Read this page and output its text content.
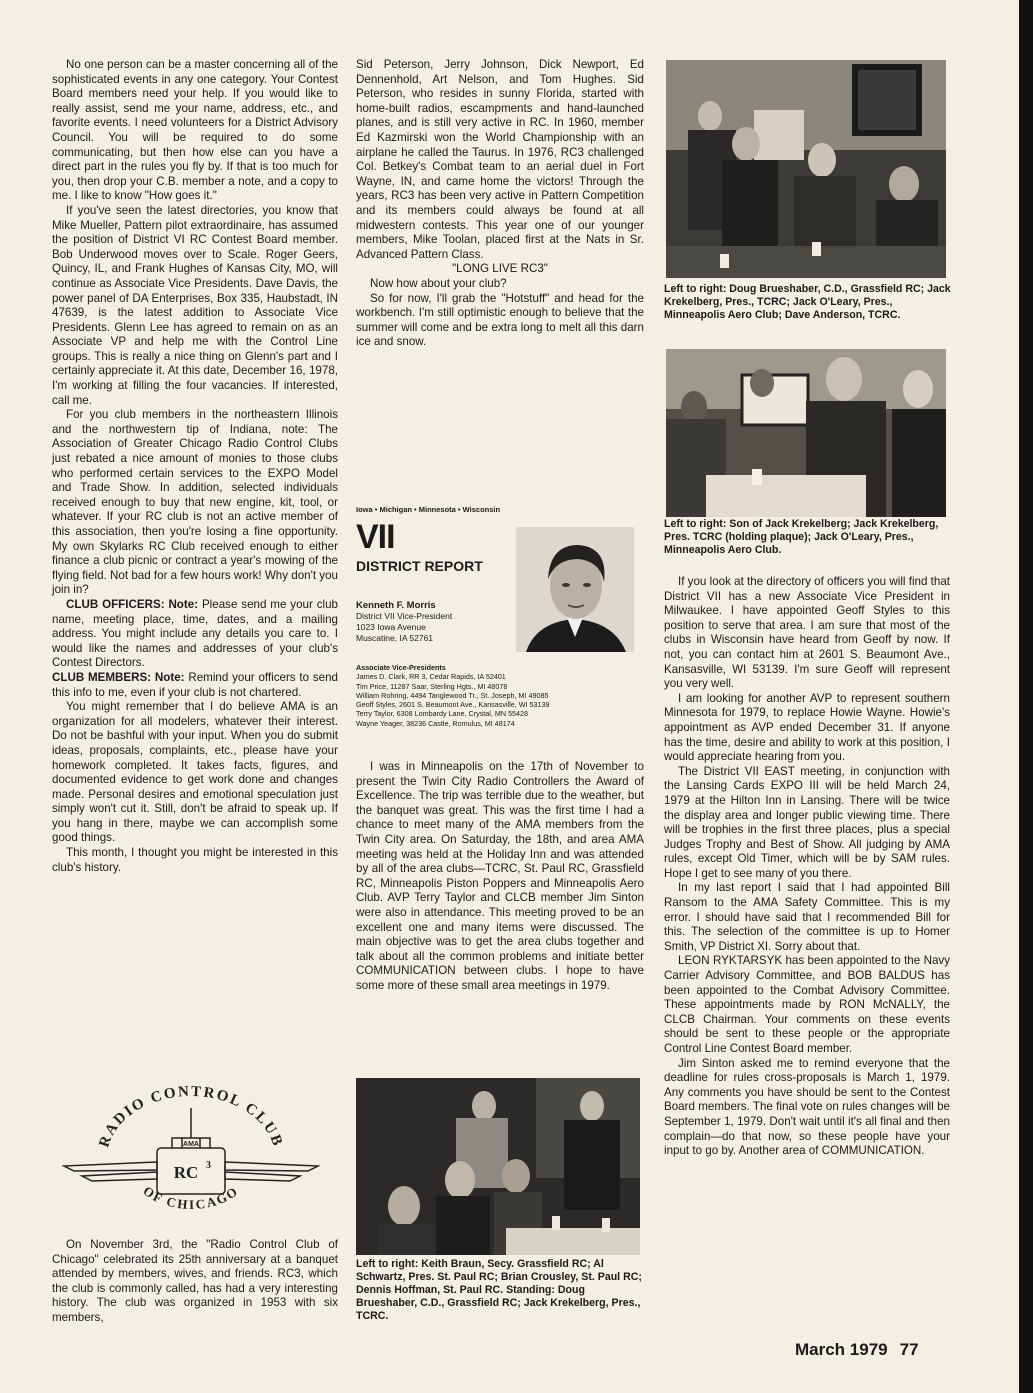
No one person can be a master concerning all of the sophisticated events in any one category. Your Contest Board members need your help. If you would like to really assist, send me your name, address, etc., and favorite events. I need volunteers for a District Advisory Council. You will be required to do some communicating, but then how else can you have a direct part in the rules you fly by. If that is too much for you, then drop your C.B. member a note, and a copy to me. I like to know "How goes it."

If you've seen the latest directories, you know that Mike Mueller, Pattern pilot extraordinaire, has assumed the position of District VI RC Contest Board member. Bob Underwood moves over to Scale. Roger Geers, Quincy, IL, and Frank Hughes of Kansas City, MO, will continue as Associate Vice Presidents. Dave Davis, the power panel of DA Enterprises, Box 335, Haubstadt, IN 47639, is the latest addition to Associate Vice Presidents. Glenn Lee has agreed to remain on as an Associate VP and help me with the Control Line groups. This is really a nice thing on Glenn's part and I certainly appreciate it. At this date, December 16, 1978, I'm working at filling the four vacancies. If interested, call me.

For you club members in the northeastern Illinois and the northwestern tip of Indiana, note: The Association of Greater Chicago Radio Control Clubs just rebated a nice amount of monies to those clubs who performed certain services to the EXPO Model and Trade Show. In addition, selected individuals received enough to buy that new engine, kit, tool, or whatever. If your RC club is not an active member of this association, then you're losing a fine opportunity. My own Skylarks RC Club received enough to either finance a club picnic or contract a year's mowing of the flying field. Not bad for a few hours work! Why don't you join in?

CLUB OFFICERS: Note: Please send me your club name, meeting place, time, dates, and a mailing address. You might include any details you care to. I would like the names and addresses of your club's Contest Directors.

CLUB MEMBERS: Note: Remind your officers to send this info to me, even if your club is not chartered.

You might remember that I do believe AMA is an organization for all modelers, whatever their interest. Do not be bashful with your input. When you do submit ideas, proposals, complaints, etc., please have your homework completed. It takes facts, figures, and documented evidence to get work done and changes made. Personal desires and emotional speculation just simply won't cut it. Still, don't be afraid to speak up. If you hang in there, maybe we can accomplish some good things.

This month, I thought you might be interested in this club's history.

RADIO CONTROL CLUB
OF CHICAGO
AMA
RC 3

On November 3rd, the "Radio Control Club of Chicago" celebrated its 25th anniversary at a banquet attended by members, wives, and friends. RC3, which the club is commonly called, has had a very interesting history. The club was organized in 1953 with six members,

Sid Peterson, Jerry Johnson, Dick Newport, Ed Dennenhold, Art Nelson, and Tom Hughes. Sid Peterson, who resides in sunny Florida, started with home-built radios, escampments and hand-launched planes, and is still very active in RC. In 1960, member Ed Kazmirski won the World Championship with an airplane he called the Taurus. In 1976, RC3 challenged Col. Betkey's Combat team to an aerial duel in Fort Wayne, IN, and came home the victors! Through the years, RC3 has been very active in Pattern Competition and its members could always be found at all midwestern contests. This year one of our younger members, Mike Toolan, placed first at the Nats in Sr. Advanced Pattern Class.

"LONG LIVE RC3"

Now how about your club?

So for now, I'll grab the "Hotstuff" and head for the workbench. I'm still optimistic enough to believe that the summer will come and be extra long to melt all this darn ice and snow.

Iowa • Michigan • Minnesota • Wisconsin
VII
DISTRICT REPORT
Kenneth F. Morris
District VII Vice-President
1023 Iowa Avenue
Muscatine, IA 52761
Associate Vice-Presidents
James D. Clark, RR 3, Cedar Rapids, IA 52401
Tim Price, 11287 Saar, Sterling Hgts., MI 48078
William Rohring, 4494 Tanglewood Tr., St. Joseph, MI 49085
Geoff Styles, 2601 S. Beaumont Ave., Kansasville, WI 53139
Terry Taylor, 6308 Lombardy Lane, Crystal, MN 55428
Wayne Yeager, 38236 Castle, Romulus, MI 48174

I was in Minneapolis on the 17th of November to present the Twin City Radio Controllers the Award of Excellence. The trip was terrible due to the weather, but the banquet was great. This was the first time I had a chance to meet many of the AMA members from the Twin City area. On Saturday, the 18th, and area AMA meeting was held at the Holiday Inn and was attended by all of the area clubs—TCRC, St. Paul RC, Grassfield RC, Minneapolis Piston Poppers and Minneapolis Aero Club. AVP Terry Taylor and CLCB member Jim Sinton were also in attendance. This meeting proved to be an excellent one and many items were discussed. The main objective was to get the area clubs together and talk about all the common problems and initiate better COMMUNICATION between clubs. I hope to have some more of these small area meetings in 1979.

Left to right: Keith Braun, Secy. Grassfield RC; Al Schwartz, Pres. St. Paul RC; Brian Crousley, St. Paul RC; Dennis Hoffman, St. Paul RC. Standing: Doug Brueshaber, C.D., Grassfield RC; Jack Krekelberg, Pres., TCRC.
Left to right: Doug Brueshaber, C.D., Grassfield RC; Jack Krekelberg, Pres., TCRC; Jack O'Leary, Pres., Minneapolis Aero Club; Dave Anderson, TCRC.
Left to right: Son of Jack Krekelberg; Jack Krekelberg, Pres. TCRC (holding plaque); Jack O'Leary, Pres., Minneapolis Aero Club.

If you look at the directory of officers you will find that District VII has a new Associate Vice President in Milwaukee. I have appointed Geoff Styles to this position to serve that area. I am sure that most of the clubs in Wisconsin have heard from Geoff by now. If not, you can contact him at 2601 S. Beaumont Ave., Kansasville, WI 53139. I'm sure Geoff will represent you very well.

I am looking for another AVP to represent southern Minnesota for 1979, to replace Howie Wayne. Howie's appointment as AVP ended December 31. If anyone has the time, desire and ability to work at this position, I would appreciate hearing from you.

The District VII EAST meeting, in conjunction with the Lansing Cards EXPO III will be held March 24, 1979 at the Hilton Inn in Lansing. There will be twice the display area and longer public viewing time. There will be trophies in the first three places, plus a special Judges Trophy and Best of Show. All judging by AMA rules, except Old Timer, which will be by SAM rules. Hope I get to see many of you there.

In my last report I said that I had appointed Bill Ransom to the AMA Safety Committee. This is my error. I should have said that I recommended Bill for this. The selection of the committee is up to Homer Smith, VP District XI. Sorry about that.

LEON RYKTARSYK has been appointed to the Navy Carrier Advisory Committee, and BOB BALDUS has been appointed to the Combat Advisory Committee. These appointments made by RON McNALLY, the CLCB Chairman. Your comments on these events should be sent to these people or the appropriate Control Line Contest Board member.

Jim Sinton asked me to remind everyone that the deadline for rules cross-proposals is March 1, 1979. Any comments you have should be sent to the Contest Board members. The final vote on rules changes will be September 1, 1979. Don't wait until it's all final and then complain—do that now, so these people have your input to go by. Another area of COMMUNICATION.

March 1979 77
